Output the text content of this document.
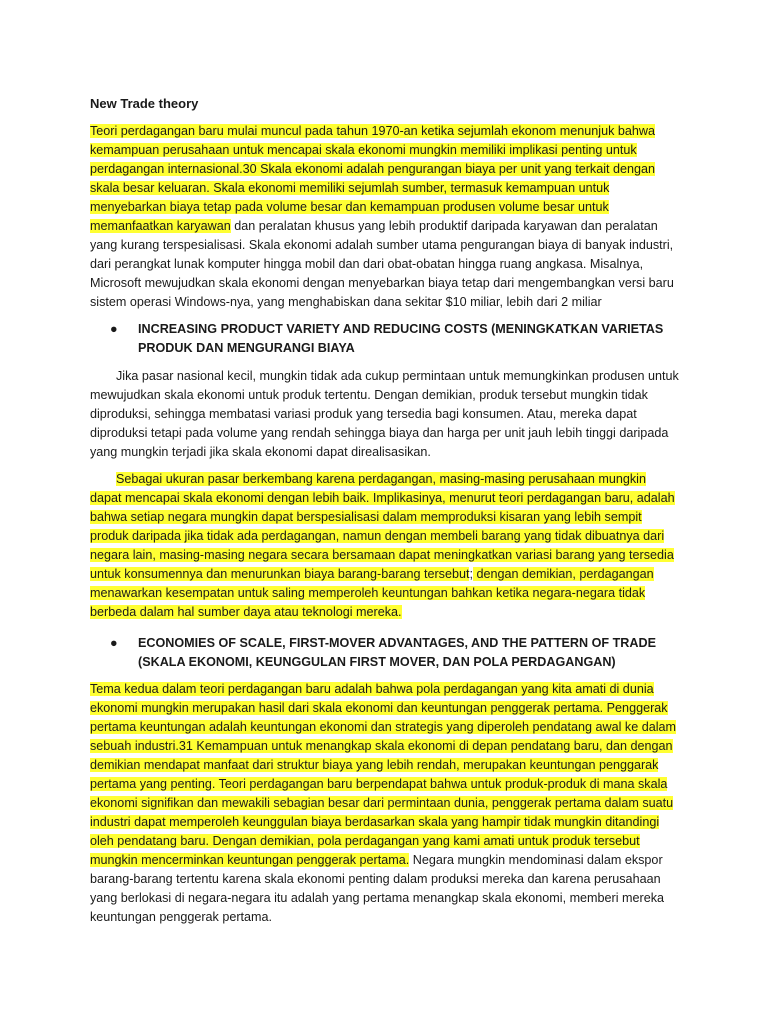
New Trade theory

Teori perdagangan baru mulai muncul pada tahun 1970-an ketika sejumlah ekonom menunjuk bahwa kemampuan perusahaan untuk mencapai skala ekonomi mungkin memiliki implikasi penting untuk perdagangan internasional.30 Skala ekonomi adalah pengurangan biaya per unit yang terkait dengan skala besar keluaran. Skala ekonomi memiliki sejumlah sumber, termasuk kemampuan untuk menyebarkan biaya tetap pada volume besar dan kemampuan produsen volume besar untuk memanfaatkan karyawan dan peralatan khusus yang lebih produktif daripada karyawan dan peralatan yang kurang terspesialisasi. Skala ekonomi adalah sumber utama pengurangan biaya di banyak industri, dari perangkat lunak komputer hingga mobil dan dari obat-obatan hingga ruang angkasa. Misalnya, Microsoft mewujudkan skala ekonomi dengan menyebarkan biaya tetap dari mengembangkan versi baru sistem operasi Windows-nya, yang menghabiskan dana sekitar $10 miliar, lebih dari 2 miliar

● INCREASING PRODUCT VARIETY AND REDUCING COSTS (MENINGKATKAN VARIETAS PRODUK DAN MENGURANGI BIAYA

Jika pasar nasional kecil, mungkin tidak ada cukup permintaan untuk memungkinkan produsen untuk mewujudkan skala ekonomi untuk produk tertentu. Dengan demikian, produk tersebut mungkin tidak diproduksi, sehingga membatasi variasi produk yang tersedia bagi konsumen. Atau, mereka dapat diproduksi tetapi pada volume yang rendah sehingga biaya dan harga per unit jauh lebih tinggi daripada yang mungkin terjadi jika skala ekonomi dapat direalisasikan.

Sebagai ukuran pasar berkembang karena perdagangan, masing-masing perusahaan mungkin dapat mencapai skala ekonomi dengan lebih baik. Implikasinya, menurut teori perdagangan baru, adalah bahwa setiap negara mungkin dapat berspesialisasi dalam memproduksi kisaran yang lebih sempit produk daripada jika tidak ada perdagangan, namun dengan membeli barang yang tidak dibuatnya dari negara lain, masing-masing negara secara bersamaan dapat meningkatkan variasi barang yang tersedia untuk konsumennya dan menurunkan biaya barang-barang tersebut; dengan demikian, perdagangan menawarkan kesempatan untuk saling memperoleh keuntungan bahkan ketika negara-negara tidak berbeda dalam hal sumber daya atau teknologi mereka.

● ECONOMIES OF SCALE, FIRST-MOVER ADVANTAGES, AND THE PATTERN OF TRADE (SKALA EKONOMI, KEUNGGULAN FIRST MOVER, DAN POLA PERDAGANGAN)

Tema kedua dalam teori perdagangan baru adalah bahwa pola perdagangan yang kita amati di dunia ekonomi mungkin merupakan hasil dari skala ekonomi dan keuntungan penggerak pertama. Penggerak pertama keuntungan adalah keuntungan ekonomi dan strategis yang diperoleh pendatang awal ke dalam sebuah industri.31 Kemampuan untuk menangkap skala ekonomi di depan pendatang baru, dan dengan demikian mendapat manfaat dari struktur biaya yang lebih rendah, merupakan keuntungan penggarak pertama yang penting. Teori perdagangan baru berpendapat bahwa untuk produk-produk di mana skala ekonomi signifikan dan mewakili sebagian besar dari permintaan dunia, penggerak pertama dalam suatu industri dapat memperoleh keunggulan biaya berdasarkan skala yang hampir tidak mungkin ditandingi oleh pendatang baru. Dengan demikian, pola perdagangan yang kami amati untuk produk tersebut mungkin mencerminkan keuntungan penggerak pertama. Negara mungkin mendominasi dalam ekspor barang-barang tertentu karena skala ekonomi penting dalam produksi mereka dan karena perusahaan yang berlokasi di negara-negara itu adalah yang pertama menangkap skala ekonomi, memberi mereka keuntungan penggerak pertama.
